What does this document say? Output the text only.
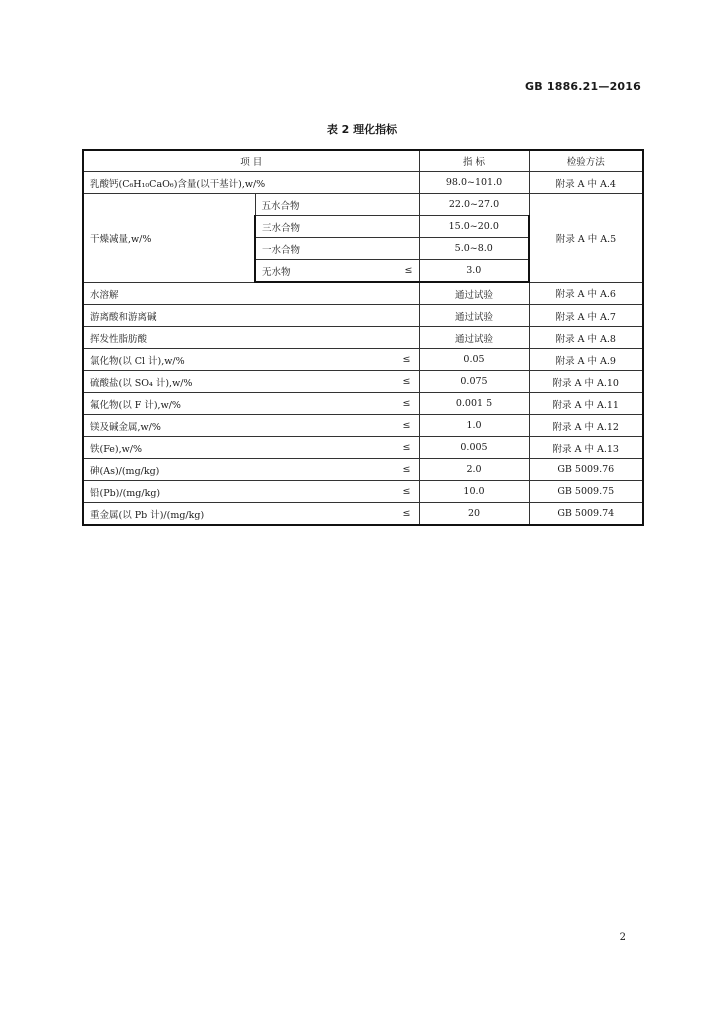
GB 1886.21—2016
表 2 理化指标
项 目		指 标	检验方法
乳酸钙(C₆H₁₀CaO₆)含量(以干基计),w/%		98.0~101.0	附录 A 中 A.4
干燥减量,w/%	五水合物	22.0~27.0	附录 A 中 A.5

	三水合物	15.0~20.0	

	一水合物	5.0~8.0	

	无水物 ≤	3.0	

水溶解		通过试验	附录 A 中 A.6

游离酸和游离碱		通过试验	附录 A 中 A.7

挥发性脂肪酸		通过试验	附录 A 中 A.8

氯化物(以 Cl 计),w/% ≤		0.05	附录 A 中 A.9

硫酸盐(以 SO₄ 计),w/% ≤		0.075	附录 A 中 A.10

氟化物(以 F 计),w/% ≤		0.001 5	附录 A 中 A.11

镁及碱金属,w/% ≤		1.0	附录 A 中 A.12

铁(Fe),w/% ≤		0.005	附录 A 中 A.13

砷(As)/(mg/kg) ≤		2.0	GB 5009.76

铅(Pb)/(mg/kg) ≤		10.0	GB 5009.75

重金属(以 Pb 计)/(mg/kg) ≤		20	GB 5009.74
2
